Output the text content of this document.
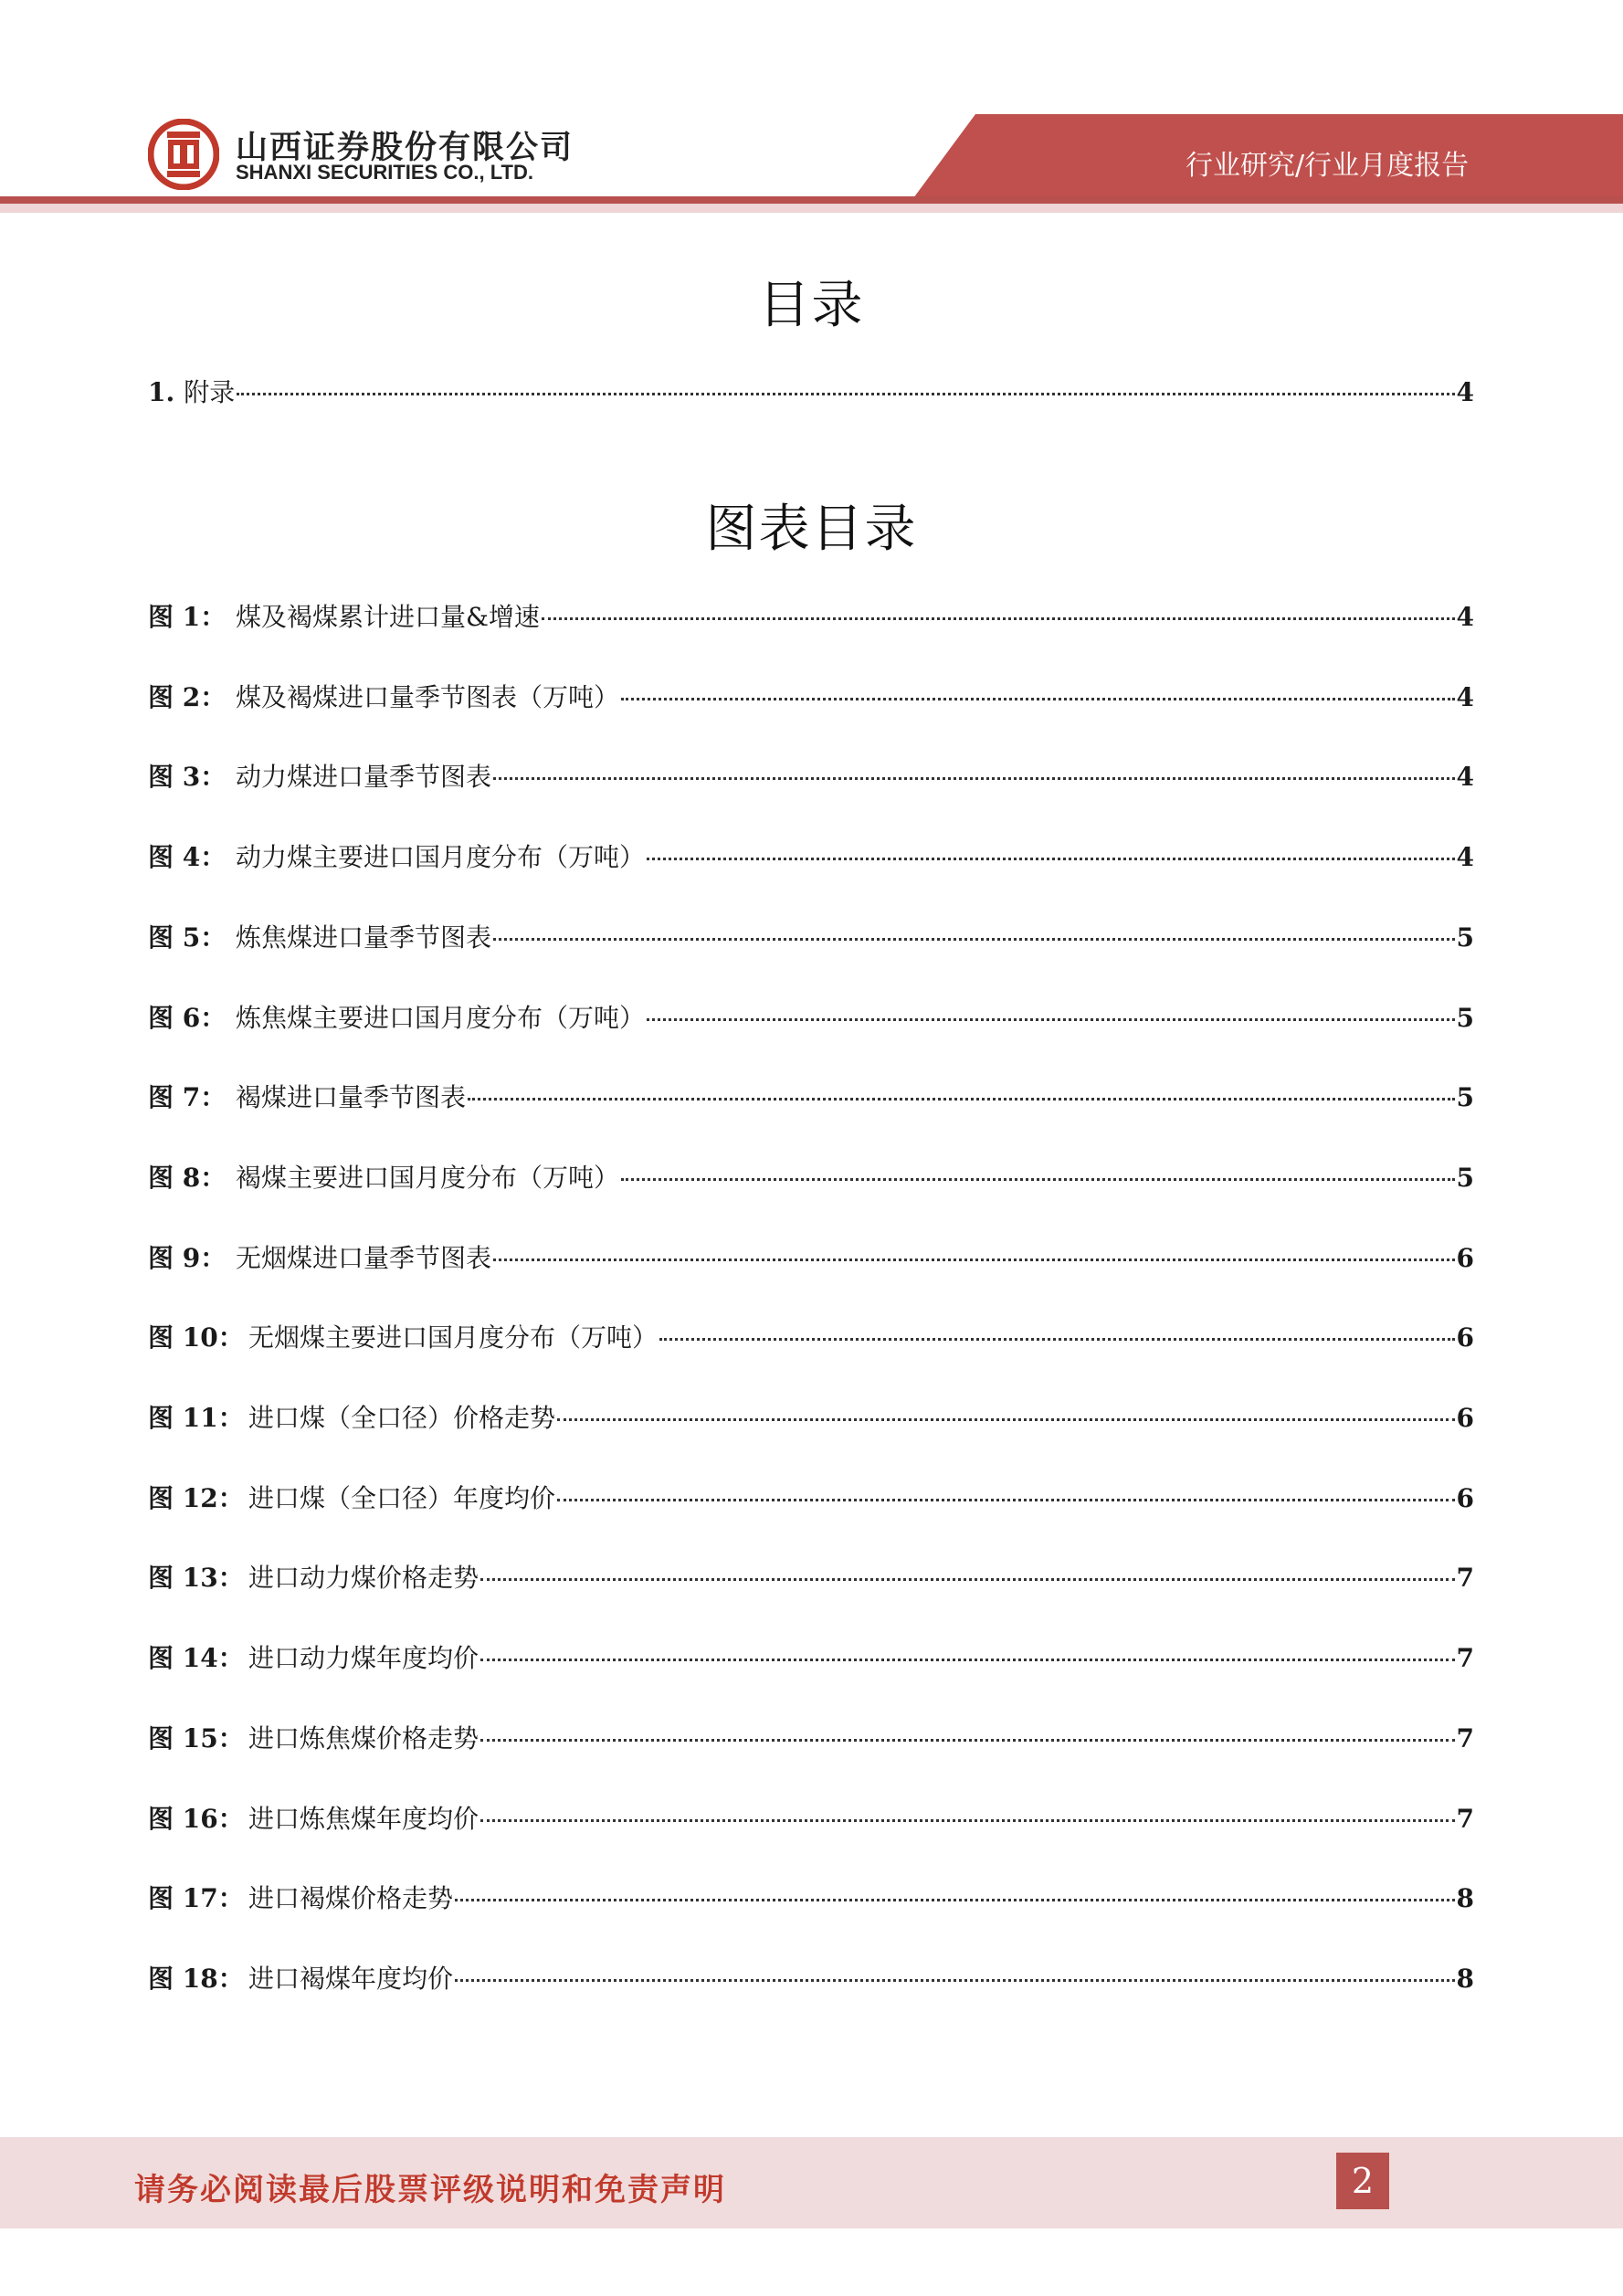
山西证券股份有限公司
SHANXI SECURITIES CO., LTD.	行业研究/行业月度报告
目录
1. 附录	4
图表目录
图 1： 煤及褐煤累计进口量&增速	4
图 2： 煤及褐煤进口量季节图表（万吨）	4
图 3： 动力煤进口量季节图表	4
图 4： 动力煤主要进口国月度分布（万吨）	4
图 5： 炼焦煤进口量季节图表	5
图 6： 炼焦煤主要进口国月度分布（万吨）	5
图 7： 褐煤进口量季节图表	5
图 8： 褐煤主要进口国月度分布（万吨）	5
图 9： 无烟煤进口量季节图表	6
图 10： 无烟煤主要进口国月度分布（万吨）	6
图 11： 进口煤（全口径）价格走势	6
图 12： 进口煤（全口径）年度均价	6
图 13： 进口动力煤价格走势	7
图 14： 进口动力煤年度均价	7
图 15： 进口炼焦煤价格走势	7
图 16： 进口炼焦煤年度均价	7
图 17： 进口褐煤价格走势	8
图 18： 进口褐煤年度均价	8
请务必阅读最后股票评级说明和免责声明	2
